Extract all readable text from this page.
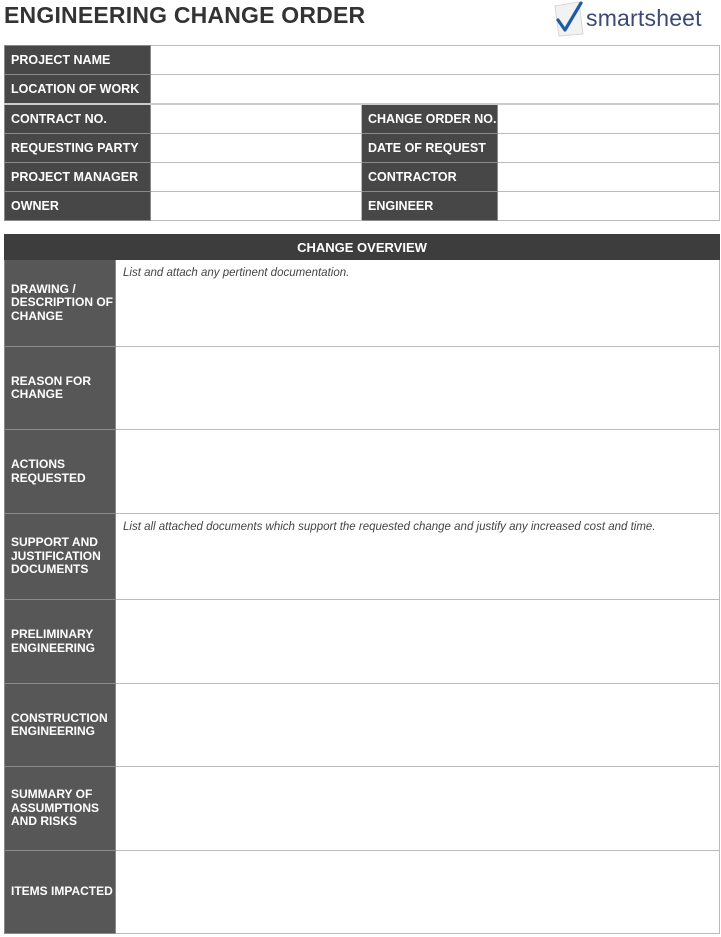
ENGINEERING CHANGE ORDER	smartsheet
PROJECT NAME			
LOCATION OF WORK			
CONTRACT NO.		CHANGE ORDER NO.	
REQUESTING PARTY		DATE OF REQUEST	
PROJECT MANAGER		CONTRACTOR	
OWNER		ENGINEER	
CHANGE OVERVIEW	
DRAWING / DESCRIPTION OF CHANGE	List and attach any pertinent documentation.

REASON FOR CHANGE	
ACTIONS REQUESTED	
SUPPORT AND JUSTIFICATION DOCUMENTS	List all attached documents which support the requested change and justify any increased cost and time.

PRELIMINARY ENGINEERING	
CONSTRUCTION ENGINEERING	
SUMMARY OF ASSUMPTIONS AND RISKS	
ITEMS IMPACTED	
